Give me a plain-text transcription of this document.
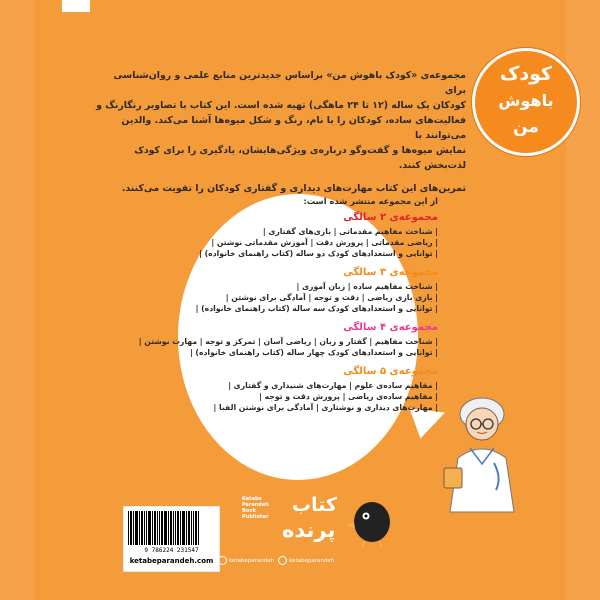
کودک
باهوش
من

مجموعه‌ی «کودک باهوش من» براساس جدیدترین منابع علمی و روان‌شناسی برای

کودکان یک ساله (۱۲ تا ۲۴ ماهگی) تهیه شده است. این کتاب با تصاویر رنگارنگ و

فعالیت‌های ساده، کودکان را با نام، رنگ و شکل میوه‌ها آشنا می‌کند. والدین می‌توانند با

نمایش میوه‌ها و گفت‌وگو درباره‌ی ویژگی‌هایشان، یادگیری را برای کودک لذت‌بخش کنند.

تمرین‌های این کتاب مهارت‌های دیداری و گفتاری کودکان را تقویت می‌کنند.

از این مجموعه منتشر شده است:
مجموعه‌ی ۲ سالگی
| شناخت مفاهیم مقدماتی | بازی‌های گفتاری |
| ریاضی مقدماتی | پرورش دقت | آموزش مقدماتی نوشتن |
| توانایی و استعدادهای کودک دو ساله (کتاب راهنمای خانواده) |
مجموعه‌ی ۳ سالگی
| شناخت مفاهیم ساده | زبان آموزی |
| بازی بازی ریاضی | دقت و توجه | آمادگی برای نوشتن |
| توانایی و استعدادهای کودک سه ساله (کتاب راهنمای خانواده) |
مجموعه‌ی ۴ سالگی
| شناخت مفاهیم | گفتار و زبان | ریاضی آسان | تمرکز و توجه | مهارت نوشتن |
| توانایی و استعدادهای کودک چهار ساله (کتاب راهنمای خانواده) |
مجموعه‌ی ۵ سالگی
| مفاهیم ساده‌ی علوم | مهارت‌های شنیداری و گفتاری |
| مفاهیم ساده‌ی ریاضی | پرورش دقت و توجه |
| مهارت‌های دیداری و نوشتاری | آمادگی برای نوشتن الفبا |
کتاب
پرنده
Ketabe Parandeh Book Publisher
ketabeparandeh	ketabeparandeh
9 786224 231547
ketabeparandeh.com
